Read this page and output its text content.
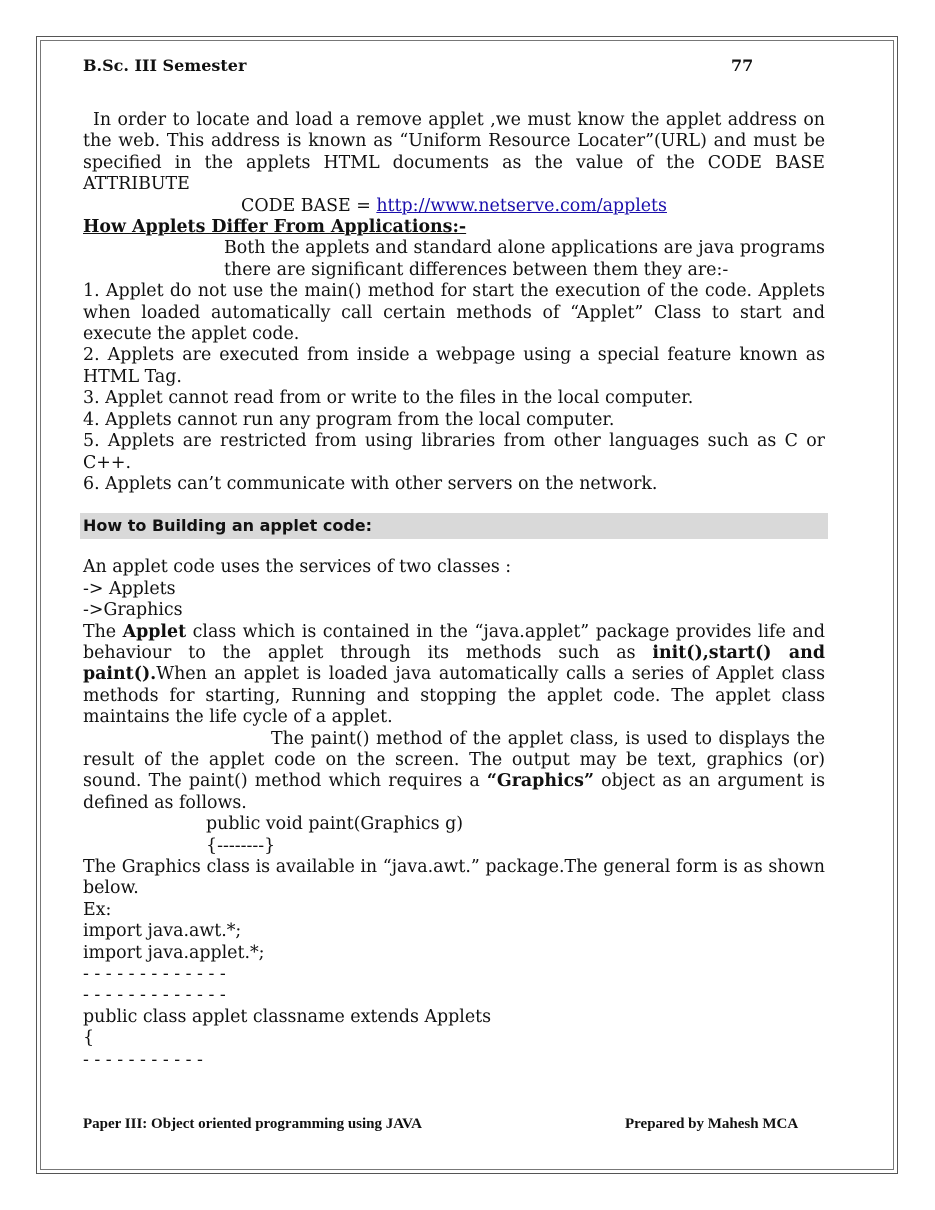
B.Sc. III Semester	77

In order to locate and load a remove applet ,we must know the applet address on the web. This address is known as “Uniform Resource Locater”(URL) and must be specified in the applets HTML documents as the value of the CODE BASE ATTRIBUTE

CODE BASE = http://www.netserve.com/applets

How Applets Differ From Applications:-

Both the applets and standard alone applications are java programs there are significant differences between them they are:-

1. Applet do not use the main() method for start the execution of the code. Applets when loaded automatically call certain methods of “Applet” Class to start and execute the applet code.

2. Applets are executed from inside a webpage using a special feature known as HTML Tag.

3. Applet cannot read from or write to the files in the local computer.

4. Applets cannot run any program from the local computer.

5. Applets are restricted from using libraries from other languages such as C or C++.

6. Applets can’t communicate with other servers on the network.

How to Building an applet code:

An applet code uses the services of two classes :

-> Applets

->Graphics

The Applet class which is contained in the “java.applet” package provides life and behaviour to the applet through its methods such as init(),start() and paint().When an applet is loaded java automatically calls a series of Applet class methods for starting, Running and stopping the applet code. The applet class maintains the life cycle of a applet.

The paint() method of the applet class, is used to displays the result of the applet code on the screen. The output may be text, graphics (or) sound. The paint() method which requires a “Graphics” object as an argument is defined as follows.

public void paint(Graphics g)

{--------}

The Graphics class is available in “java.awt.” package.The general form is as shown below.

Ex:

import java.awt.*;

import java.applet.*;

- - - - - - - - - - - - -

- - - - - - - - - - - - -

public class applet classname extends Applets

{

- - - - - - - - - - -

Paper III: Object oriented programming using JAVA	Prepared by Mahesh MCA
